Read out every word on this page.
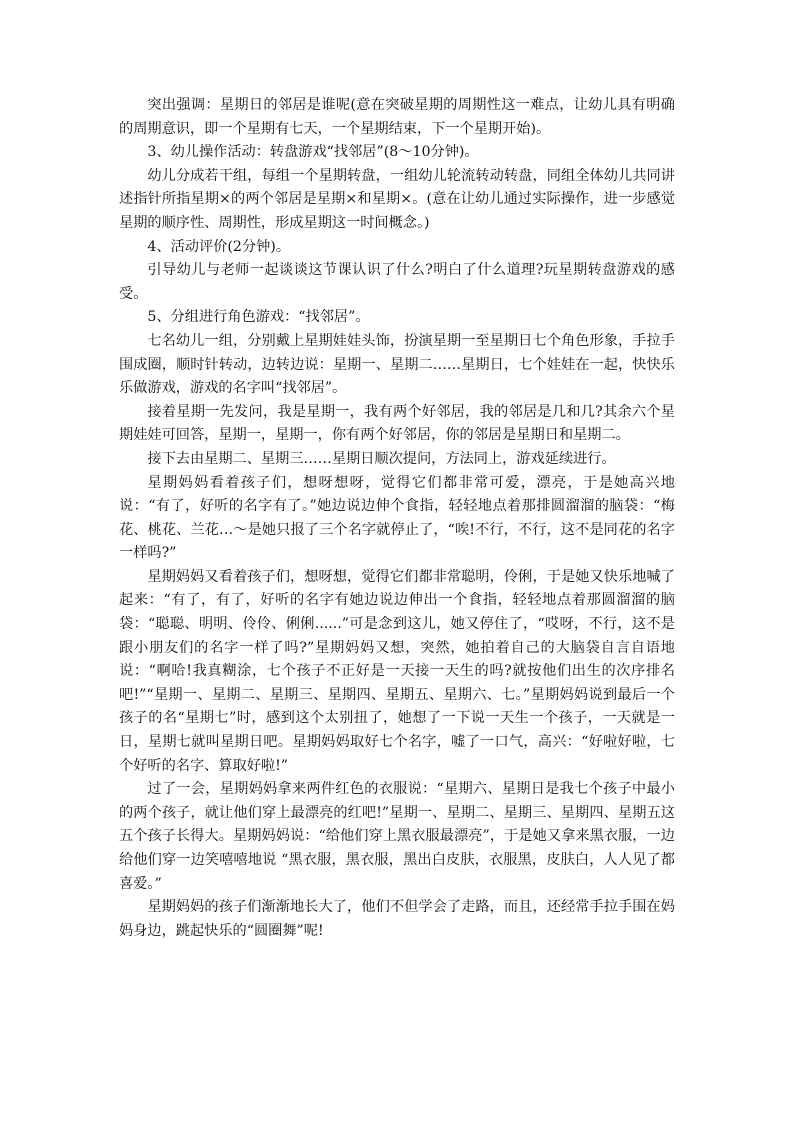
突出强调：星期日的邻居是谁呢(意在突破星期的周期性这一难点，让幼儿具有明确的周期意识，即一个星期有七天，一个星期结束，下一个星期开始)。

3、幼儿操作活动：转盘游戏“找邻居”(8～10分钟)。

幼儿分成若干组，每组一个星期转盘，一组幼儿轮流转动转盘，同组全体幼儿共同讲述指针所指星期×的两个邻居是星期×和星期×。(意在让幼儿通过实际操作，进一步感觉星期的顺序性、周期性，形成星期这一时间概念。)

4、活动评价(2分钟)。

引导幼儿与老师一起谈谈这节课认识了什么?明白了什么道理?玩星期转盘游戏的感受。

5、分组进行角色游戏：“找邻居”。

七名幼儿一组，分别戴上星期娃娃头饰，扮演星期一至星期日七个角色形象，手拉手围成圈，顺时针转动，边转边说：星期一、星期二……星期日，七个娃娃在一起，快快乐乐做游戏，游戏的名字叫“找邻居”。

接着星期一先发问，我是星期一，我有两个好邻居，我的邻居是几和几?其余六个星期娃娃可回答，星期一，星期一，你有两个好邻居，你的邻居是星期日和星期二。

接下去由星期二、星期三……星期日顺次提问，方法同上，游戏延续进行。

星期妈妈看着孩子们，想呀想呀，觉得它们都非常可爱，漂亮，于是她高兴地说：“有了，好听的名字有了。”她边说边伸个食指，轻轻地点着那排圆溜溜的脑袋：“梅花、桃花、兰花…～是她只报了三个名字就停止了，“唉!不行，不行，这不是同花的名字一样吗?”

星期妈妈又看着孩子们，想呀想，觉得它们都非常聪明，伶俐，于是她又快乐地喊了起来：“有了，有了，好听的名字有她边说边伸出一个食指，轻轻地点着那圆溜溜的脑袋：“聪聪、明明、伶伶、俐俐......”可是念到这儿，她又停住了，“哎呀，不行，这不是跟小朋友们的名字一样了吗?”星期妈妈又想，突然，她拍着自己的大脑袋自言自语地说：“啊哈!我真糊涂，七个孩子不正好是一天接一天生的吗?就按他们出生的次序排名吧!”“星期一、星期二、星期三、星期四、星期五、星期六、七。”星期妈妈说到最后一个孩子的名“星期七”时，感到这个太别扭了，她想了一下说一天生一个孩子，一天就是一日，星期七就叫星期日吧。星期妈妈取好七个名字，嘘了一口气，高兴：“好啦好啦，七个好听的名字、算取好啦!”

过了一会，星期妈妈拿来两件红色的衣服说：“星期六、星期日是我七个孩子中最小的两个孩子，就让他们穿上最漂亮的红吧!”星期一、星期二、星期三、星期四、星期五这五个孩子长得大。星期妈妈说：“给他们穿上黑衣服最漂亮”，于是她又拿来黑衣服，一边给他们穿一边笑嘻嘻地说 “黑衣服，黑衣服，黑出白皮肤，衣服黑，皮肤白，人人见了都喜爱。”

星期妈妈的孩子们渐渐地长大了，他们不但学会了走路，而且，还经常手拉手围在妈妈身边，跳起快乐的“圆圈舞”呢!
